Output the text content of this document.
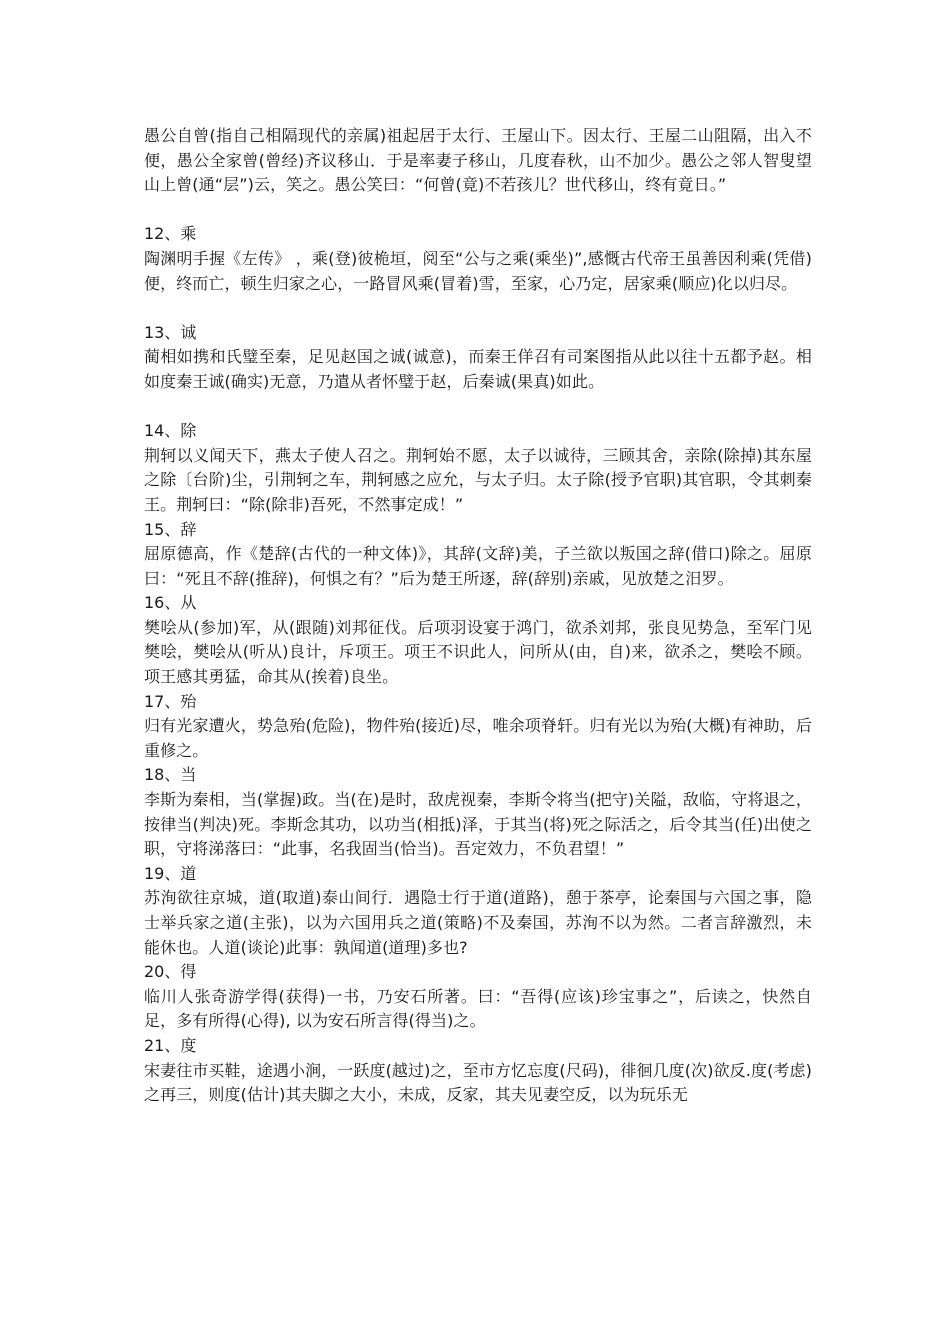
愚公自曾(指自己相隔现代的亲属)祖起居于太行、王屋山下。因太行、王屋二山阻隔，出入不便，愚公全家曾(曾经)齐议移山．于是率妻子移山，几度春秋，山不加少。愚公之邻人智叟望山上曾(通“层”)云，笑之。愚公笑曰：“何曾(竟)不若孩儿？世代移山，终有竟日。”

12、乘

陶渊明手握《左传》 ，乘(登)彼桅垣，阅至“公与之乘(乘坐)”,感慨古代帝王虽善因利乘(凭借)便，终而亡，顿生归家之心，一路冒风乘(冒着)雪，至家，心乃定，居家乘(顺应)化以归尽。

13、诚

蔺相如携和氏璧至秦，足见赵国之诚(诚意)，而秦王佯召有司案图指从此以往十五都予赵。相如度秦王诚(确实)无意，乃遣从者怀璧于赵，后秦诚(果真)如此。

14、除

荆轲以义闻天下，燕太子使人召之。荆轲始不愿，太子以诚待，三顾其舍，亲除(除掉)其东屋之除〔台阶)尘，引荆轲之车，荆轲感之应允，与太子归。太子除(授予官职)其官职，令其刺秦王。荆轲曰：“除(除非)吾死，不然事定成！”

15、辞

屈原德高，作《楚辞(古代的一种文体)》，其辞(文辞)美，子兰欲以叛国之辞(借口)除之。屈原曰：“死且不辞(推辞)，何惧之有？”后为楚王所逐，辞(辞别)亲戚，见放楚之汨罗。

16、从

樊哙从(参加)军，从(跟随)刘邦征伐。后项羽设宴于鸿门，欲杀刘邦，张良见势急，至军门见樊哙，樊哙从(听从)良计，斥项王。项王不识此人，问所从(由，自)来，欲杀之，樊哙不顾。项王感其勇猛，命其从(挨着)良坐。

17、殆

归有光家遭火，势急殆(危险)，物件殆(接近)尽，唯余项脊轩。归有光以为殆(大概)有神助，后重修之。

18、当

李斯为秦相，当(掌握)政。当(在)是时，敌虎视秦，李斯令将当(把守)关隘，敌临，守将退之，按律当(判决)死。李斯念其功，以功当(相抵)泽，于其当(将)死之际活之，后令其当(任)出使之职，守将涕落曰：“此事，名我固当(恰当)。吾定效力，不负君望！”

19、道

苏洵欲往京城，道(取道)泰山间行．遇隐士行于道(道路)，憩于茶亭，论秦国与六国之事，隐士举兵家之道(主张)，以为六国用兵之道(策略)不及秦国，苏洵不以为然。二者言辞激烈，未能休也。人道(谈论)此事：孰闻道(道理)多也?

20、得

临川人张奇游学得(获得)一书，乃安石所著。曰：“吾得(应该)珍宝事之”，后读之，快然自足，多有所得(心得), 以为安石所言得(得当)之。

21、度

宋妻往市买鞋，途遇小涧，一跃度(越过)之，至市方忆忘度(尺码)，徘徊几度(次)欲反.度(考虑)之再三，则度(估计)其夫脚之大小，未成，反家，其夫见妻空反，以为玩乐无
